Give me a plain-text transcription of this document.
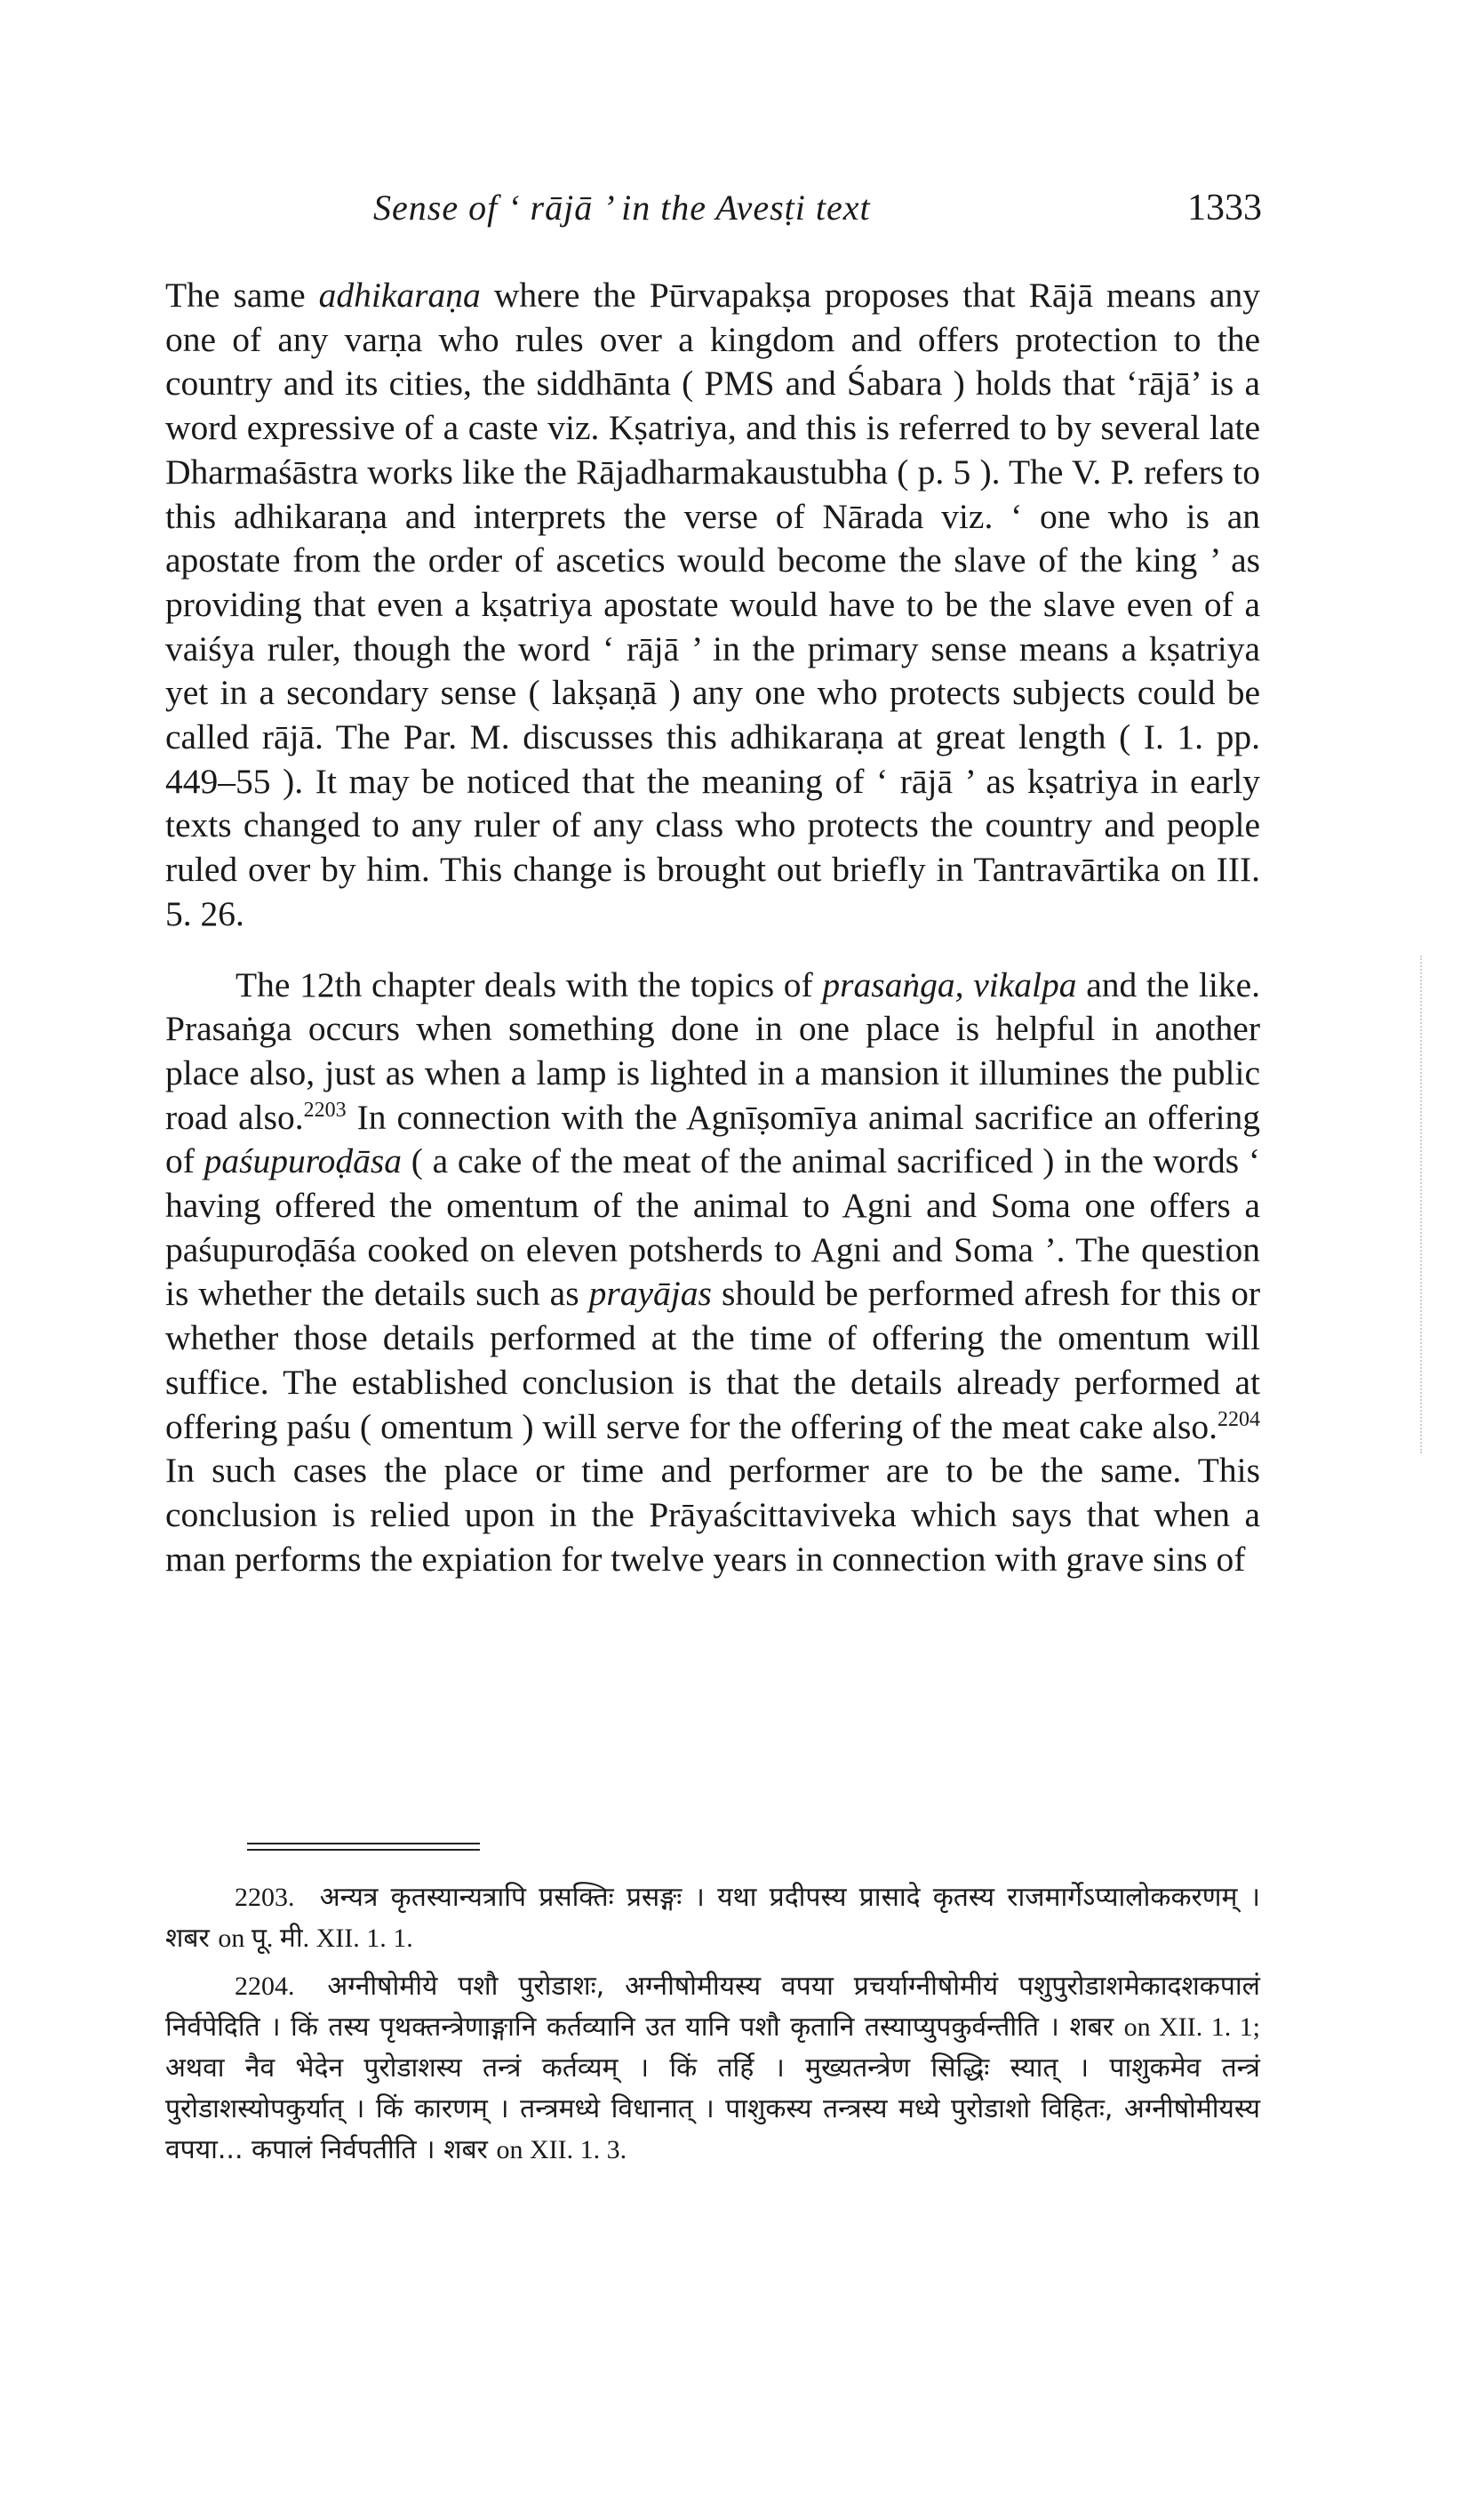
Sense of ‘ rājā ’ in the Avesṭi text	1333

The same adhikaraṇa where the Pūrvapakṣa proposes that Rājā means any one of any varṇa who rules over a kingdom and offers protection to the country and its cities, the siddhānta ( PMS and Śabara ) holds that ‘rājā’ is a word expressive of a caste viz. Kṣatriya, and this is referred to by several late Dharmaśāstra works like the Rājadharmakaustubha ( p. 5 ). The V. P. refers to this adhikaraṇa and interprets the verse of Nārada viz. ‘ one who is an apostate from the order of ascetics would become the slave of the king ’ as providing that even a kṣatriya apostate would have to be the slave even of a vaiśya ruler, though the word ‘ rājā ’ in the primary sense means a kṣatriya yet in a secondary sense ( lakṣaṇā ) any one who protects subjects could be called rājā. The Par. M. discusses this adhikaraṇa at great length ( I. 1. pp. 449–55 ). It may be noticed that the meaning of ‘ rājā ’ as kṣatriya in early texts changed to any ruler of any class who protects the country and people ruled over by him. This change is brought out briefly in Tantravārtika on III. 5. 26.

The 12th chapter deals with the topics of prasaṅga, vikalpa and the like. Prasaṅga occurs when something done in one place is helpful in another place also, just as when a lamp is lighted in a mansion it illumines the public road also.$^{2203}$ In connection with the Agnīṣomīya animal sacrifice an offering of paśupuroḍāsa ( a cake of the meat of the animal sacrificed ) in the words ‘ having offered the omentum of the animal to Agni and Soma one offers a paśupuroḍāśa cooked on eleven potsherds to Agni and Soma ’. The question is whether the details such as prayājas should be performed afresh for this or whether those details performed at the time of offering the omentum will suffice. The established conclusion is that the details already performed at offering paśu ( omentum ) will serve for the offering of the meat cake also.$^{2204}$ In such cases the place or time and performer are to be the same. This conclusion is relied upon in the Prāyaścittaviveka which says that when a man performs the expiation for twelve years in connection with grave sins of

2203. अन्यत्र कृतस्यान्यत्रापि प्रसक्तिः प्रसङ्गः । यथा प्रदीपस्य प्रासादे कृतस्य राजमार्गेऽप्यालोककरणम् । शबर on पू. मी. XII. 1. 1.

2204. अग्नीषोमीये पशौ पुरोडाशः, अग्नीषोमीयस्य वपया प्रचर्याग्नीषोमीयं पशुपुरोडाशमेकादशकपालं निर्वपेदिति । किं तस्य पृथक्तन्त्रेणाङ्गानि कर्तव्यानि उत यानि पशौ कृतानि तस्याप्युपकुर्वन्तीति । शबर on XII. 1. 1; अथवा नैव भेदेन पुरोडाशस्य तन्त्रं कर्तव्यम् । किं तर्हि । मुख्यतन्त्रेण सिद्धिः स्यात् । पाशुकमेव तन्त्रं पुरोडाशस्योपकुर्यात् । किं कारणम् । तन्त्रमध्ये विधानात् । पाशुकस्य तन्त्रस्य मध्ये पुरोडाशो विहितः, अग्नीषोमीयस्य वपया... कपालं निर्वपतीति । शबर on XII. 1. 3.
